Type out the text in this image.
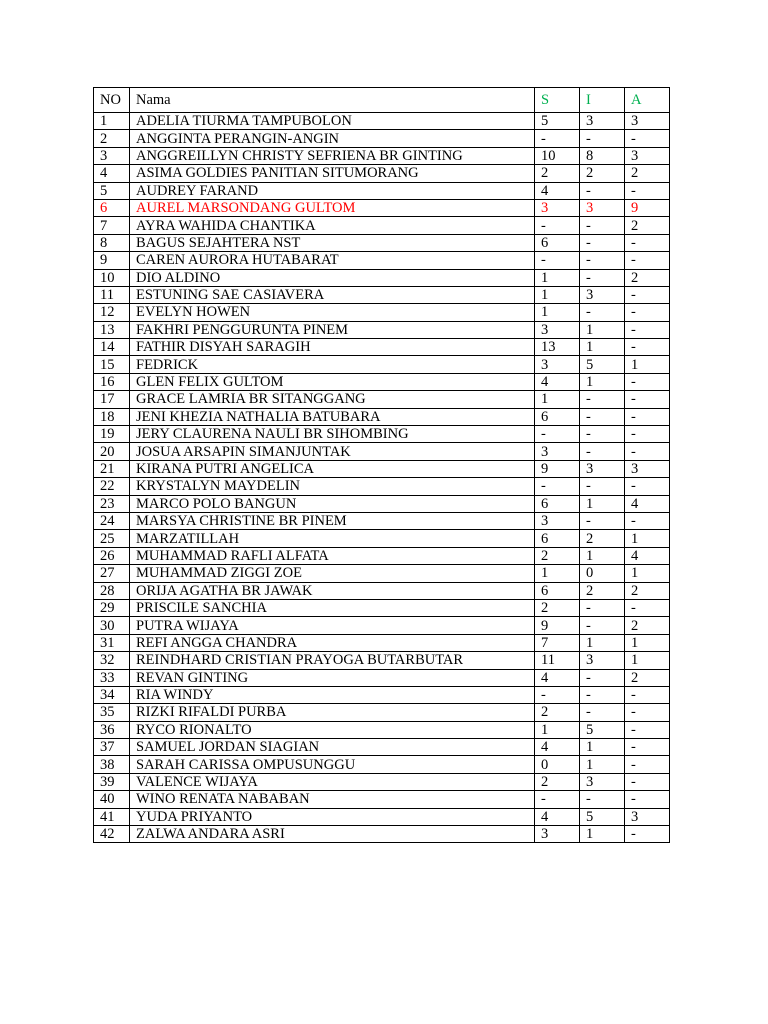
NO	Nama	S	I	A
1	ADELIA TIURMA TAMPUBOLON	5	3	3
2	ANGGINTA PERANGIN-ANGIN	-	-	-
3	ANGGREILLYN CHRISTY SEFRIENA BR GINTING	10	8	3
4	ASIMA GOLDIES PANITIAN SITUMORANG	2	2	2
5	AUDREY FARAND	4	-	-
6	AUREL MARSONDANG GULTOM	3	3	9
7	AYRA WAHIDA CHANTIKA	-	-	2
8	BAGUS SEJAHTERA NST	6	-	-
9	CAREN AURORA HUTABARAT	-	-	-
10	DIO ALDINO	1	-	2
11	ESTUNING SAE CASIAVERA	1	3	-
12	EVELYN HOWEN	1	-	-
13	FAKHRI PENGGURUNTA PINEM	3	1	-
14	FATHIR DISYAH SARAGIH	13	1	-
15	FEDRICK	3	5	1
16	GLEN FELIX GULTOM	4	1	-
17	GRACE LAMRIA BR SITANGGANG	1	-	-
18	JENI KHEZIA NATHALIA BATUBARA	6	-	-
19	JERY CLAURENA NAULI BR SIHOMBING	-	-	-
20	JOSUA ARSAPIN SIMANJUNTAK	3	-	-
21	KIRANA PUTRI ANGELICA	9	3	3
22	KRYSTALYN MAYDELIN	-	-	-
23	MARCO POLO BANGUN	6	1	4
24	MARSYA CHRISTINE BR PINEM	3	-	-
25	MARZATILLAH	6	2	1
26	MUHAMMAD RAFLI ALFATA	2	1	4
27	MUHAMMAD ZIGGI ZOE	1	0	1
28	ORIJA AGATHA BR JAWAK	6	2	2
29	PRISCILE SANCHIA	2	-	-
30	PUTRA WIJAYA	9	-	2
31	REFI ANGGA CHANDRA	7	1	1
32	REINDHARD CRISTIAN PRAYOGA BUTARBUTAR	11	3	1
33	REVAN GINTING	4	-	2
34	RIA WINDY	-	-	-
35	RIZKI RIFALDI PURBA	2	-	-
36	RYCO RIONALTO	1	5	-
37	SAMUEL JORDAN SIAGIAN	4	1	-
38	SARAH CARISSA OMPUSUNGGU	0	1	-
39	VALENCE WIJAYA	2	3	-
40	WINO RENATA NABABAN	-	-	-
41	YUDA PRIYANTO	4	5	3
42	ZALWA ANDARA ASRI	3	1	-
